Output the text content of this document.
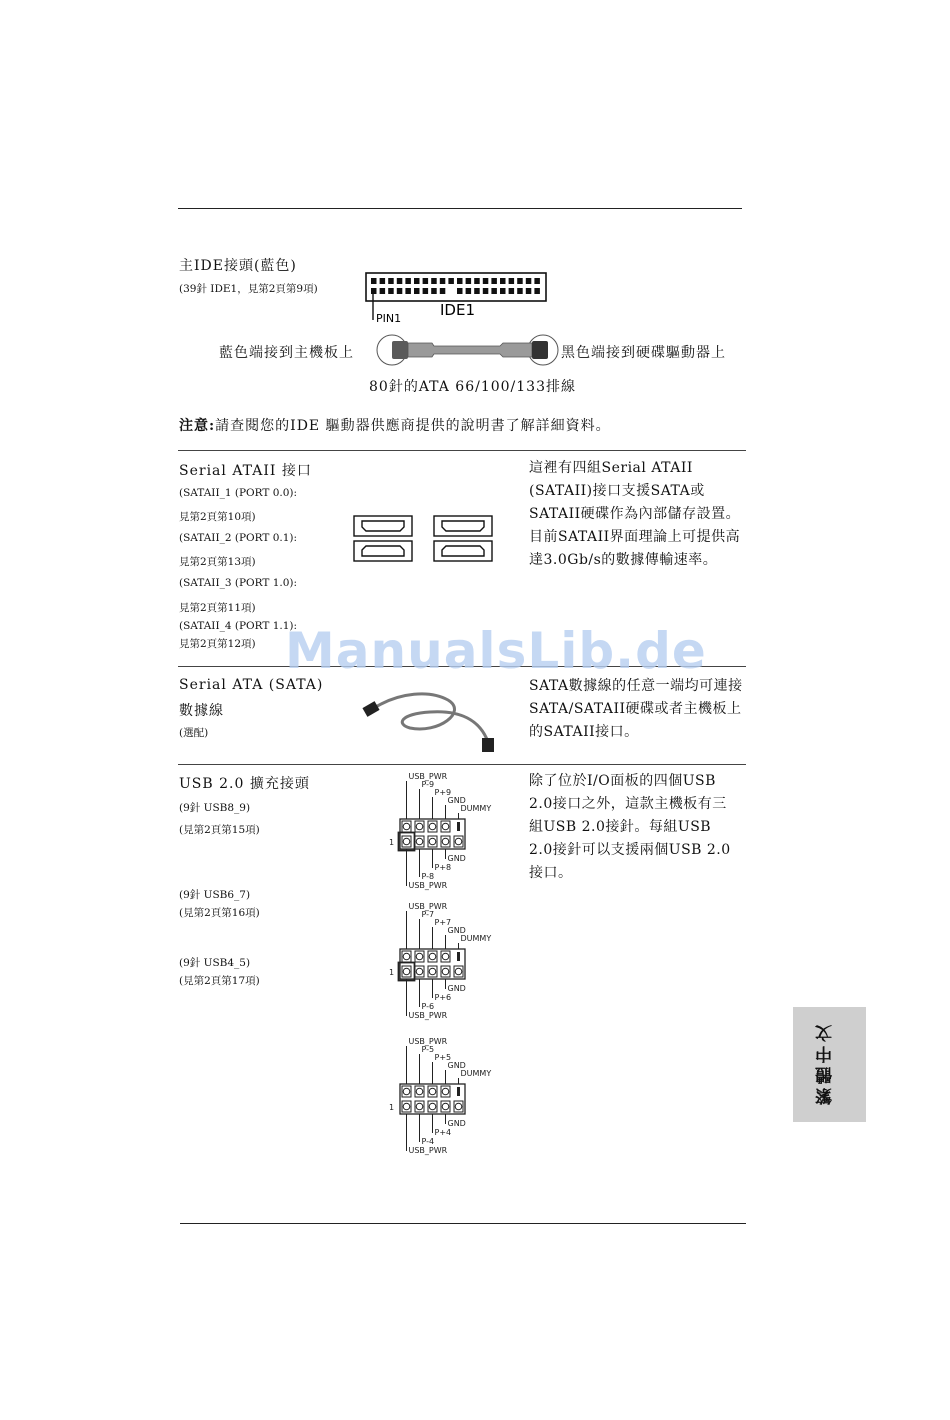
主IDE接頭(藍色)
(39針 IDE1，見第2頁第9項)
PIN1	IDE1
藍色端接到主機板上	黑色端接到硬碟驅動器上
80針的ATA 66/100/133排線
注意:請查閱您的IDE 驅動器供應商提供的說明書了解詳細資料。
Serial ATAII 接口
(SATAII_1 (PORT 0.0):
見第2頁第10項)
(SATAII_2 (PORT 0.1):
見第2頁第13項)
(SATAII_3 (PORT 1.0):
見第2頁第11項)
(SATAII_4 (PORT 1.1):
見第2頁第12項)
這裡有四組Serial ATAII (SATAII)接口支援SATA或SATAII硬碟作為內部儲存設置。目前SATAII界面理論上可提供高達3.0Gb/s的數據傳輸速率。
Serial ATA (SATA)
數據線
(選配)
SATA數據線的任意一端均可連接SATA/SATAII硬碟或者主機板上的SATAII接口。
USB 2.0 擴充接頭
(9針 USB8_9)
(見第2頁第15項)
(9針 USB6_7)
(見第2頁第16項)
(9針 USB4_5)
(見第2頁第17項)
除了位於I/O面板的四個USB 2.0接口之外，這款主機板有三組USB 2.0接針。每組USB 2.0接針可以支援兩個USB 2.0接口。
USB_PWR
P-9
P+9
GND
DUMMY
GND
P+8
P-8
USB_PWR
1
USB_PWR
P-7
P+7
GND
DUMMY
GND
P+6
P-6
USB_PWR
1
USB_PWR
P-5
P+5
GND
DUMMY
GND
P+4
P-4
USB_PWR
1
繁體中文
ManualsLib.de
